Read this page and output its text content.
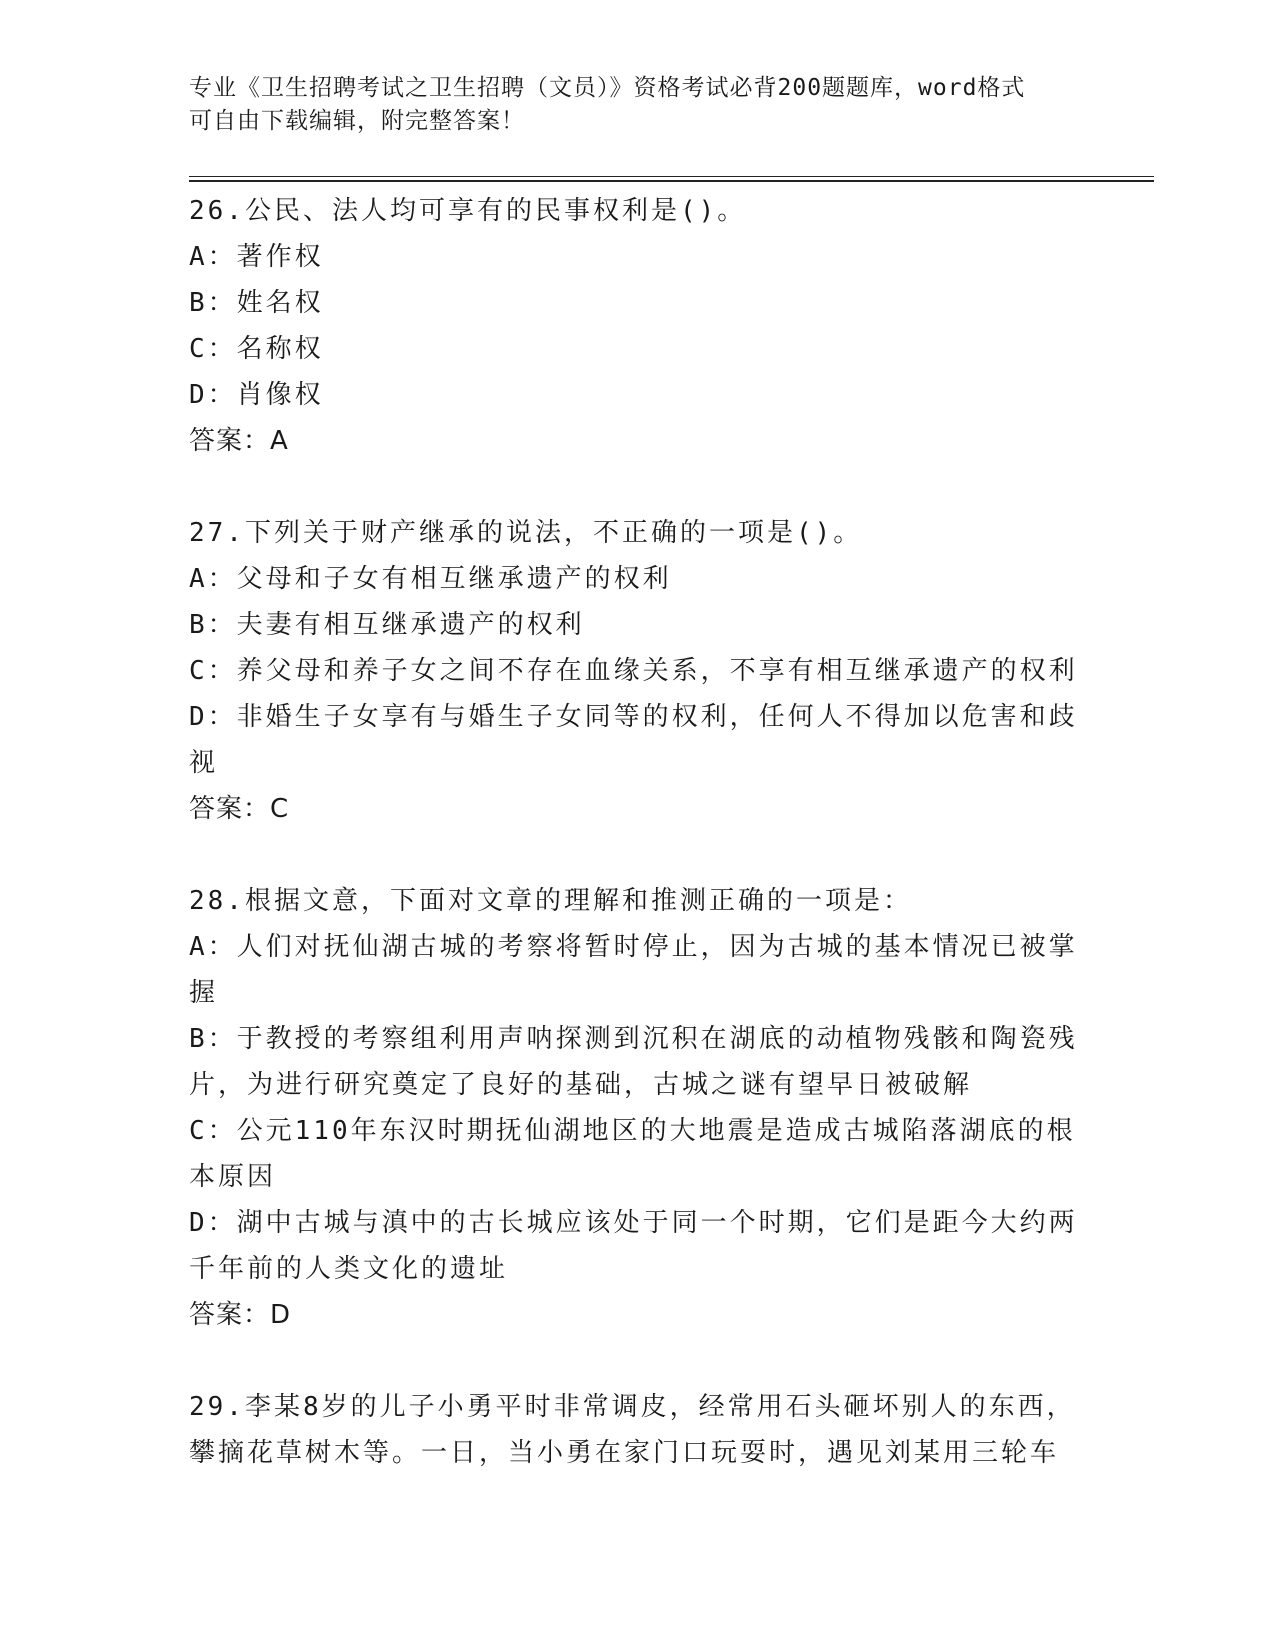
专业《卫生招聘考试之卫生招聘（文员）》资格考试必背200题题库，word格式
可自由下载编辑，附完整答案！

26.公民、法人均可享有的民事权利是()。

A：著作权

B：姓名权

C：名称权

D：肖像权

答案：A

27.下列关于财产继承的说法，不正确的一项是()。

A：父母和子女有相互继承遗产的权利

B：夫妻有相互继承遗产的权利

C：养父母和养子女之间不存在血缘关系，不享有相互继承遗产的权利

D：非婚生子女享有与婚生子女同等的权利，任何人不得加以危害和歧视

答案：C

28.根据文意，下面对文章的理解和推测正确的一项是：

A：人们对抚仙湖古城的考察将暂时停止，因为古城的基本情况已被掌握

B：于教授的考察组利用声呐探测到沉积在湖底的动植物残骸和陶瓷残片，为进行研究奠定了良好的基础，古城之谜有望早日被破解

C：公元110年东汉时期抚仙湖地区的大地震是造成古城陷落湖底的根本原因

D：湖中古城与滇中的古长城应该处于同一个时期，它们是距今大约两千年前的人类文化的遗址

答案：D

29.李某8岁的儿子小勇平时非常调皮，经常用石头砸坏别人的东西，

攀摘花草树木等。一日，当小勇在家门口玩耍时，遇见刘某用三轮车
